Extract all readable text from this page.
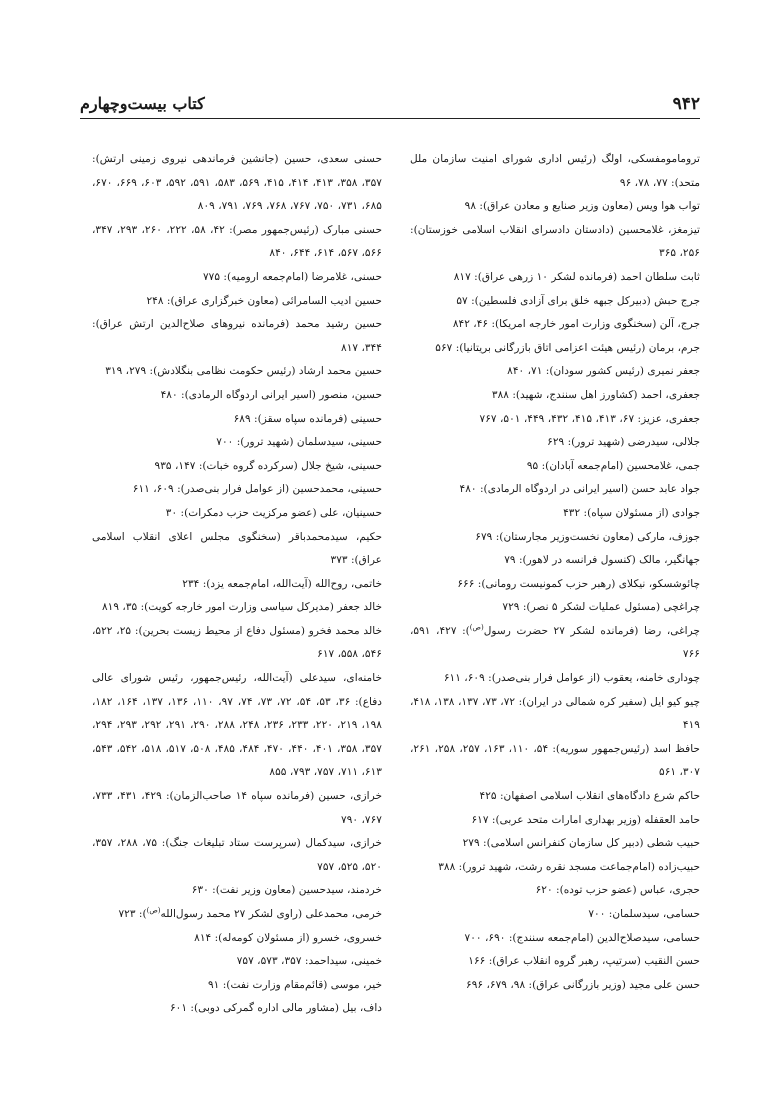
۹۴۲
کتاب بیست‌وچهارم
ترومامومفسکی، اولگ (رئیس اداری شورای امنیت سازمان ملل متحد): ۷۷، ۷۸، ۹۶
تواب هوا ویس (معاون وزیر صنایع و معادن عراق): ۹۸
تیزمغز، غلامحسین (دادستان دادسرای انقلاب اسلامی خوزستان): ۲۵۶، ۳۶۵
ثابت سلطان احمد (فرمانده لشکر ۱۰ زرهی عراق): ۸۱۷
جرج حبش (دبیرکل جبهه خلق برای آزادی فلسطین): ۵۷
جرج، آلن (سخنگوی وزارت امور خارجه امریکا): ۴۶، ۸۴۲
جرم، برمان (رئیس هیئت اعزامی اتاق بازرگانی بریتانیا): ۵۶۷
جعفر نمیری (رئیس کشور سودان): ۷۱، ۸۴۰
جعفری، احمد (کشاورز اهل سنندج، شهید): ۳۸۸
جعفری، عزیز: ۶۷، ۴۱۳، ۴۱۵، ۴۳۲، ۴۴۹، ۵۰۱، ۷۶۷
جلالی، سیدرضی (شهید ترور): ۶۲۹
جمی، غلامحسین (امام‌جمعه آبادان): ۹۵
جواد عابد حسن (اسیر ایرانی در اردوگاه الرمادی): ۴۸۰
جوادی (از مسئولان سپاه): ۴۳۲
جوزف، مارکی (معاون نخست‌وزیر مجارستان): ۶۷۹
جهانگیر، مالک (کنسول فرانسه در لاهور): ۷۹
چائوشسکو، نیکلای (رهبر حزب کمونیست رومانی): ۶۶۶
چراغچی (مسئول عملیات لشکر ۵ نصر): ۷۲۹
چراغی، رضا (فرمانده لشکر ۲۷ حضرت رسول$^{(ص)}$): ۴۲۷، ۵۹۱، ۷۶۶
چوداری خامنه، یعقوب (از عوامل فرار بنی‌صدر): ۶۰۹، ۶۱۱
چیو کیو ایل (سفیر کره شمالی در ایران): ۷۲، ۷۳، ۱۳۷، ۱۳۸، ۴۱۸، ۴۱۹
حافظ اسد (رئیس‌جمهور سوریه): ۵۴، ۱۱۰، ۱۶۳، ۲۵۷، ۲۵۸، ۲۶۱، ۳۰۷، ۵۶۱
حاکم شرع دادگاه‌های انقلاب اسلامی اصفهان: ۴۲۵
حامد العقفله (وزیر بهداری امارات متحد عربی): ۶۱۷
حبیب شطی (دبیر کل سازمان کنفرانس اسلامی): ۲۷۹
حبیب‌زاده (امام‌جماعت مسجد نقره رشت، شهید ترور): ۳۸۸
حجری، عباس (عضو حزب توده): ۶۲۰
حسامی، سیدسلمان: ۷۰۰
حسامی، سیدصلاح‌الدین (امام‌جمعه سنندج): ۶۹۰، ۷۰۰
حسن النقیب (سرتیپ، رهبر گروه انقلاب عراق): ۱۶۶
حسن علی مجید (وزیر بازرگانی عراق): ۹۸، ۶۷۹، ۶۹۶
حسنی سعدی، حسین (جانشین فرماندهی نیروی زمینی ارتش): ۳۵۷، ۳۵۸، ۴۱۳، ۴۱۴، ۴۱۵، ۵۶۹، ۵۸۳، ۵۹۱، ۵۹۲، ۶۰۳، ۶۶۹، ۶۷۰، ۶۸۵، ۷۳۱، ۷۵۰، ۷۶۷، ۷۶۸، ۷۶۹، ۷۹۱، ۸۰۹
حسنی مبارک (رئیس‌جمهور مصر): ۴۲، ۵۸، ۲۲۲، ۲۶۰، ۲۹۳، ۳۴۷، ۵۶۶، ۵۶۷، ۶۱۴، ۶۴۴، ۸۴۰
حسنی، غلامرضا (امام‌جمعه ارومیه): ۷۷۵
حسین ادیب السامرائی (معاون خبرگزاری عراق): ۲۴۸
حسین رشید محمد (فرمانده نیروهای صلاح‌الدین ارتش عراق): ۳۴۴، ۸۱۷
حسین محمد ارشاد (رئیس حکومت نظامی بنگلادش): ۲۷۹، ۳۱۹
حسین، منصور (اسیر ایرانی اردوگاه الرمادی): ۴۸۰
حسینی (فرمانده سپاه سقز): ۶۸۹
حسینی، سیدسلمان (شهید ترور): ۷۰۰
حسینی، شیخ جلال (سرکرده گروه خبات): ۱۴۷، ۹۳۵
حسینی، محمدحسین (از عوامل فرار بنی‌صدر): ۶۰۹، ۶۱۱
حسینیان، علی (عضو مرکزیت حزب دمکرات): ۳۰
حکیم، سیدمحمدباقر (سخنگوی مجلس اعلای انقلاب اسلامی عراق): ۳۷۳
خاتمی، روح‌الله (آیت‌الله، امام‌جمعه یزد): ۲۳۴
خالد جعفر (مدیرکل سیاسی وزارت امور خارجه کویت): ۳۵، ۸۱۹
خالد محمد فخرو (مسئول دفاع از محیط زیست بحرین): ۲۵، ۵۲۲، ۵۴۶، ۵۵۸، ۶۱۷
خامنه‌ای، سیدعلی (آیت‌الله، رئیس‌جمهور، رئیس شورای عالی دفاع): ۳۶، ۵۳، ۵۴، ۷۲، ۷۳، ۷۴، ۹۷، ۱۱۰، ۱۳۶، ۱۳۷، ۱۶۴، ۱۸۲، ۱۹۸، ۲۱۹، ۲۲۰، ۲۳۳، ۲۳۶، ۲۴۸، ۲۸۸، ۲۹۰، ۲۹۱، ۲۹۲، ۲۹۳، ۲۹۴، ۳۵۷، ۳۵۸، ۴۰۱، ۴۴۰، ۴۷۰، ۴۸۴، ۴۸۵، ۵۰۸، ۵۱۷، ۵۱۸، ۵۴۲، ۵۴۳، ۶۱۳، ۷۱۱، ۷۵۷، ۷۹۳، ۸۵۵
خرازی، حسین (فرمانده سپاه ۱۴ صاحب‌الزمان): ۴۲۹، ۴۳۱، ۷۳۳، ۷۶۷، ۷۹۰
خرازی، سیدکمال (سرپرست ستاد تبلیغات جنگ): ۷۵، ۲۸۸، ۳۵۷، ۵۲۰، ۵۲۵، ۷۵۷
خردمند، سیدحسین (معاون وزیر نفت): ۶۳۰
خرمی، محمدعلی (راوی لشکر ۲۷ محمد رسول‌الله$^{(ص)}$): ۷۲۳
خسروی، خسرو (از مسئولان کومه‌له): ۸۱۴
خمینی، سیداحمد: ۳۵۷، ۵۷۳، ۷۵۷
خیر، موسی (قائم‌مقام وزارت نفت): ۹۱
داف، بیل (مشاور مالی اداره گمرکی دوبی): ۶۰۱
